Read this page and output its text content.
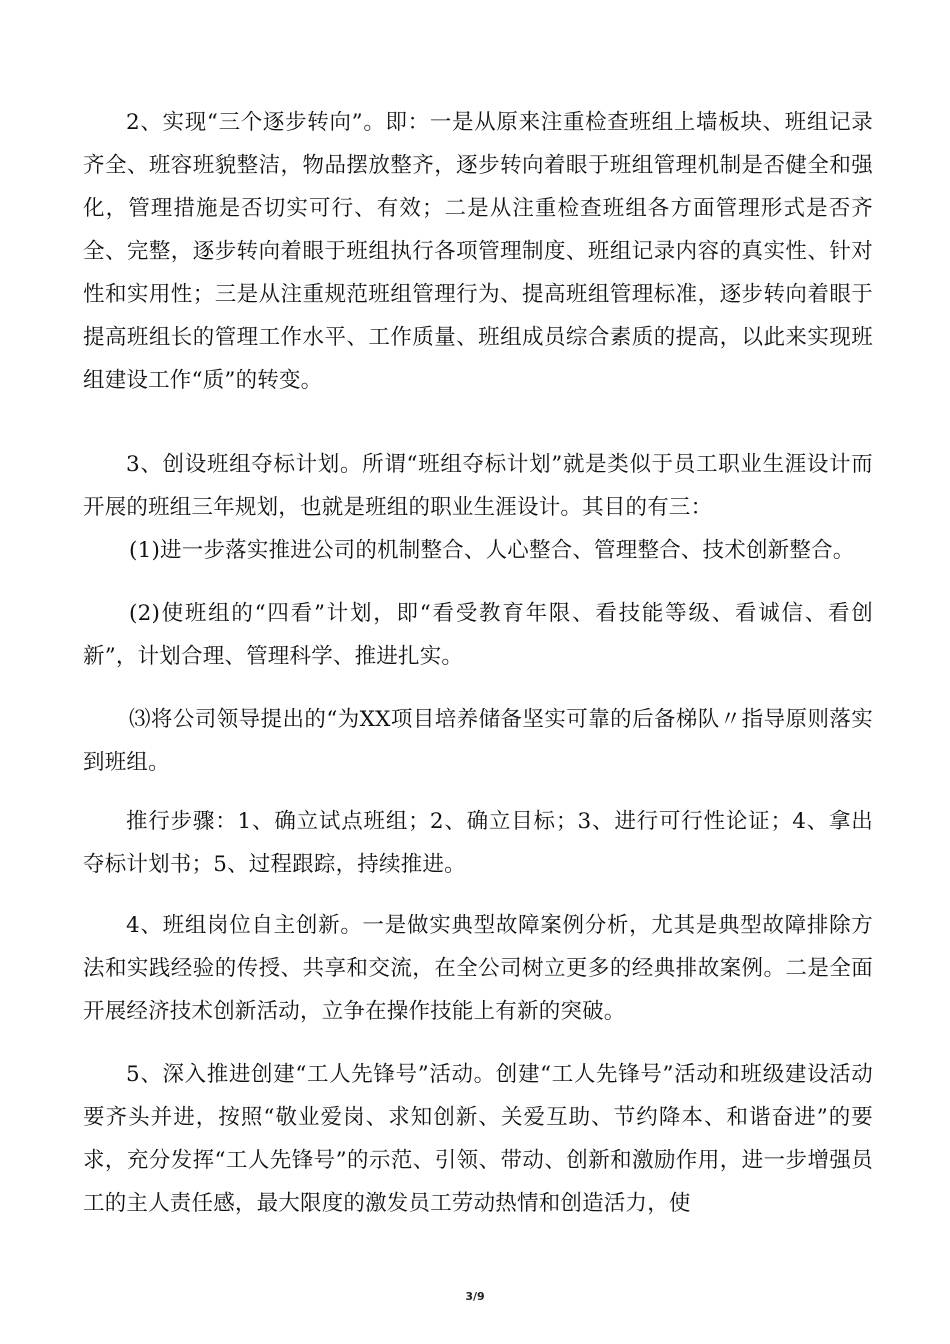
2、实现“三个逐步转向”。即：一是从原来注重检查班组上墙板块、班组记录齐全、班容班貌整洁，物品摆放整齐，逐步转向着眼于班组管理机制是否健全和强化，管理措施是否切实可行、有效；二是从注重检查班组各方面管理形式是否齐全、完整，逐步转向着眼于班组执行各项管理制度、班组记录内容的真实性、针对性和实用性；三是从注重规范班组管理行为、提高班组管理标准，逐步转向着眼于提高班组长的管理工作水平、工作质量、班组成员综合素质的提高，以此来实现班组建设工作“质”的转变。

3、创设班组夺标计划。所谓“班组夺标计划”就是类似于员工职业生涯设计而开展的班组三年规划，也就是班组的职业生涯设计。其目的有三：

(1)进一步落实推进公司的机制整合、人心整合、管理整合、技术创新整合。

(2)使班组的“四看”计划，即“看受教育年限、看技能等级、看诚信、看创新”，计划合理、管理科学、推进扎实。

⑶将公司领导提出的“为XX项目培养储备坚实可靠的后备梯队〃指导原则落实到班组。

推行步骤：1、确立试点班组；2、确立目标；3、进行可行性论证；4、拿出夺标计划书；5、过程跟踪，持续推进。

4、班组岗位自主创新。一是做实典型故障案例分析，尤其是典型故障排除方法和实践经验的传授、共享和交流，在全公司树立更多的经典排故案例。二是全面开展经济技术创新活动，立争在操作技能上有新的突破。

5、深入推进创建“工人先锋号”活动。创建“工人先锋号”活动和班级建设活动要齐头并进，按照“敬业爱岗、求知创新、关爱互助、节约降本、和谐奋进”的要求，充分发挥“工人先锋号”的示范、引领、带动、创新和激励作用，进一步增强员工的主人责任感，最大限度的激发员工劳动热情和创造活力，使

3/9
